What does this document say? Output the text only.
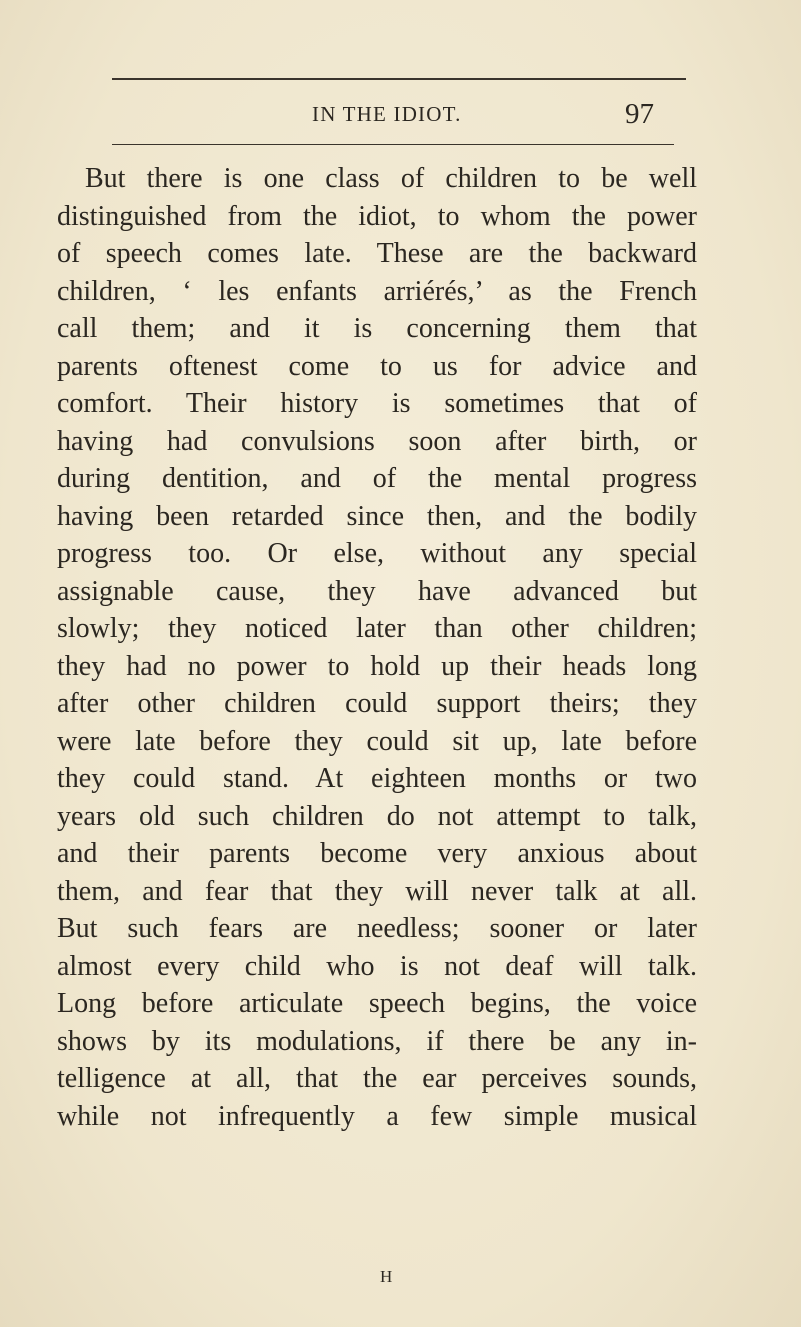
IN THE IDIOT.	97
But there is one class of children to be well
distinguished from the idiot, to whom the power
of speech comes late. These are the backward
children, ‘ les enfants arriérés,’ as the French
call them; and it is concerning them that
parents oftenest come to us for advice and
comfort. Their history is sometimes that of
having had convulsions soon after birth, or
during dentition, and of the mental progress
having been retarded since then, and the bodily
progress too. Or else, without any special
assignable cause, they have advanced but
slowly; they noticed later than other children;
they had no power to hold up their heads long
after other children could support theirs; they
were late before they could sit up, late before
they could stand. At eighteen months or two
years old such children do not attempt to talk,
and their parents become very anxious about
them, and fear that they will never talk at all.
But such fears are needless; sooner or later
almost every child who is not deaf will talk.
Long before articulate speech begins, the voice
shows by its modulations, if there be any in-
telligence at all, that the ear perceives sounds,
while not infrequently a few simple musical
H
